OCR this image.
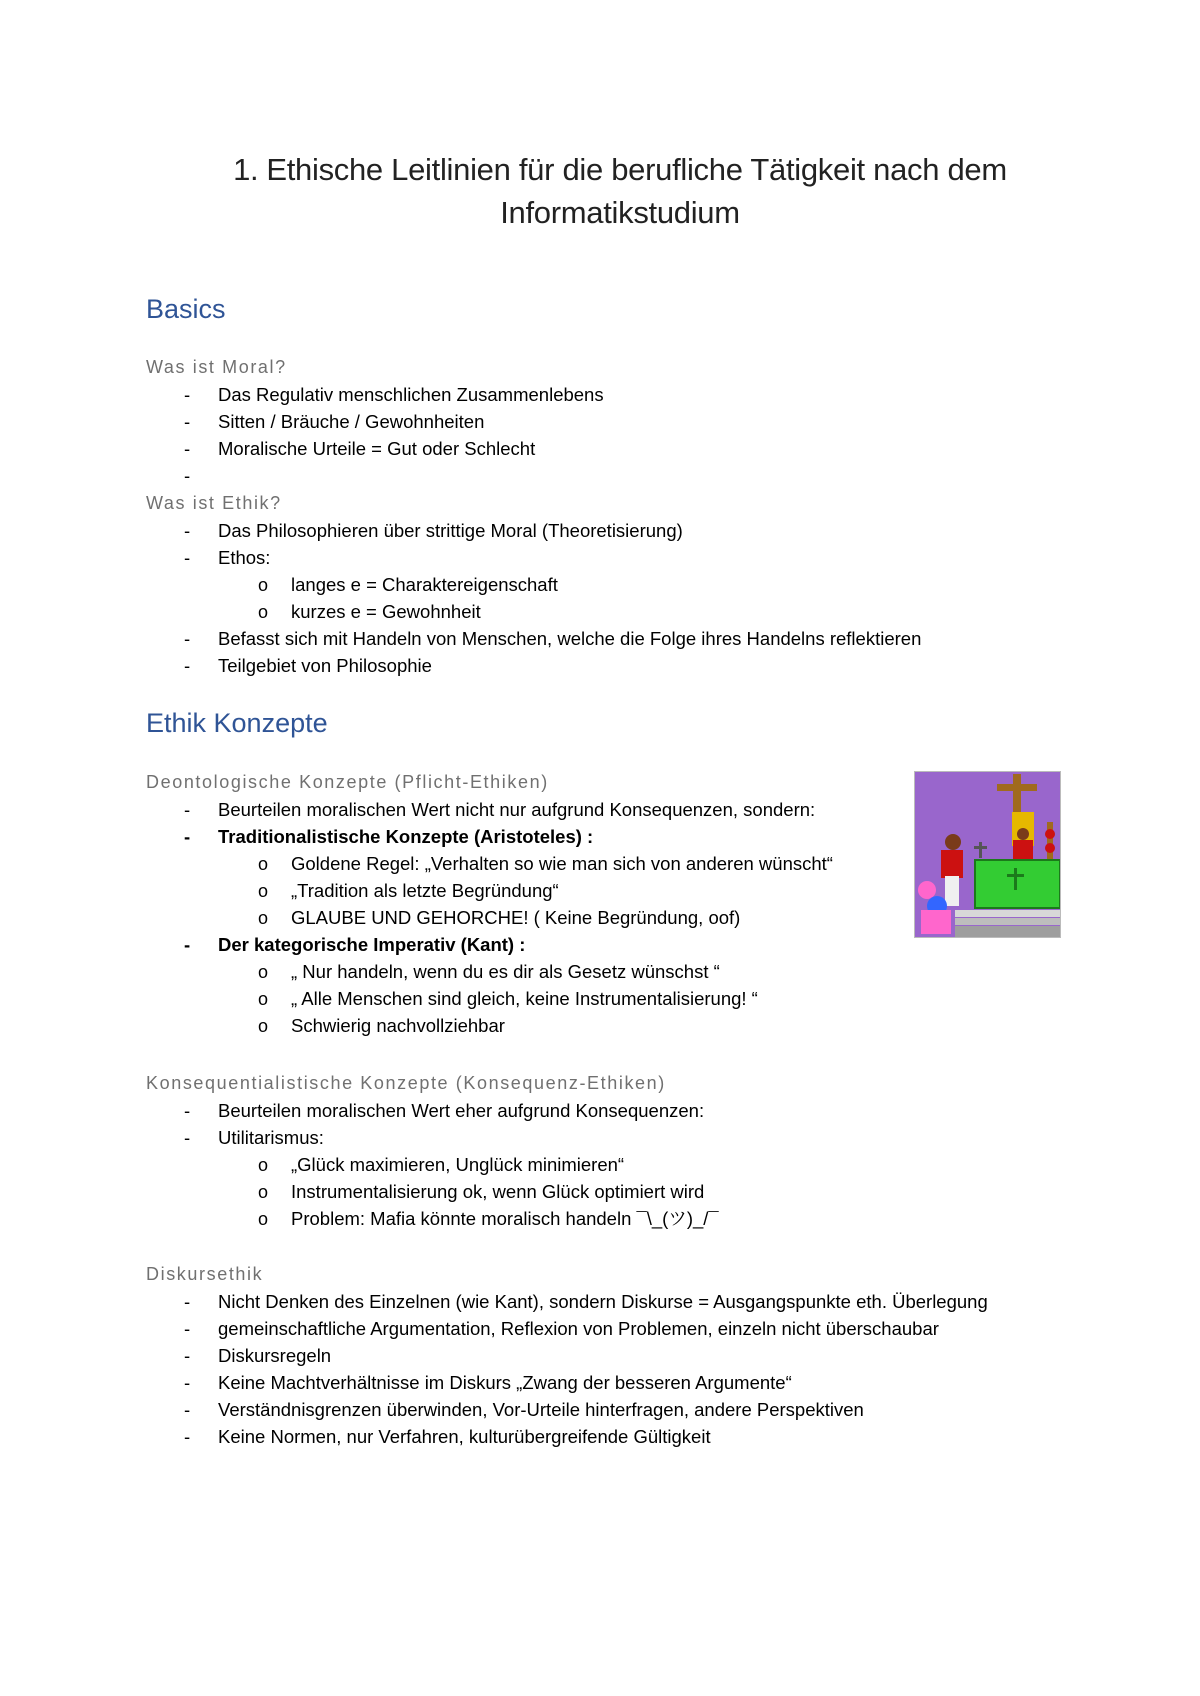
1. Ethische Leitlinien für die berufliche Tätigkeit nach dem
Informatikstudium
Basics
Was ist Moral?
-	Das Regulativ menschlichen Zusammenlebens
-	Sitten / Bräuche / Gewohnheiten
-	Moralische Urteile = Gut oder Schlecht
-
Was ist Ethik?
-	Das Philosophieren über strittige Moral (Theoretisierung)
-	Ethos:
o langes e = Charaktereigenschaft
o kurzes e = Gewohnheit
-	Befasst sich mit Handeln von Menschen, welche die Folge ihres Handelns reflektieren
-	Teilgebiet von Philosophie
Ethik Konzepte
Deontologische Konzepte (Pflicht-Ethiken)
-	Beurteilen moralischen Wert nicht nur aufgrund Konsequenzen, sondern:
-	Traditionalistische Konzepte (Aristoteles) :
o Goldene Regel: „Verhalten so wie man sich von anderen wünscht“
o „Tradition als letzte Begründung“
o GLAUBE UND GEHORCHE! ( Keine Begründung, oof)
-	Der kategorische Imperativ (Kant) :
o „ Nur handeln, wenn du es dir als Gesetz wünschst “
o „ Alle Menschen sind gleich, keine Instrumentalisierung! “
o Schwierig nachvollziehbar
Konsequentialistische Konzepte (Konsequenz-Ethiken)
-	Beurteilen moralischen Wert eher aufgrund Konsequenzen:
-	Utilitarismus:
o „Glück maximieren, Unglück minimieren“
o Instrumentalisierung ok, wenn Glück optimiert wird
o Problem: Mafia könnte moralisch handeln ¯\_(ツ)_/¯
Diskursethik
-	Nicht Denken des Einzelnen (wie Kant), sondern Diskurse = Ausgangspunkte eth. Überlegung
-	gemeinschaftliche Argumentation, Reflexion von Problemen, einzeln nicht überschaubar
-	Diskursregeln
-	Keine Machtverhältnisse im Diskurs „Zwang der besseren Argumente“
-	Verständnisgrenzen überwinden, Vor-Urteile hinterfragen, andere Perspektiven
-	Keine Normen, nur Verfahren, kulturübergreifende Gültigkeit
